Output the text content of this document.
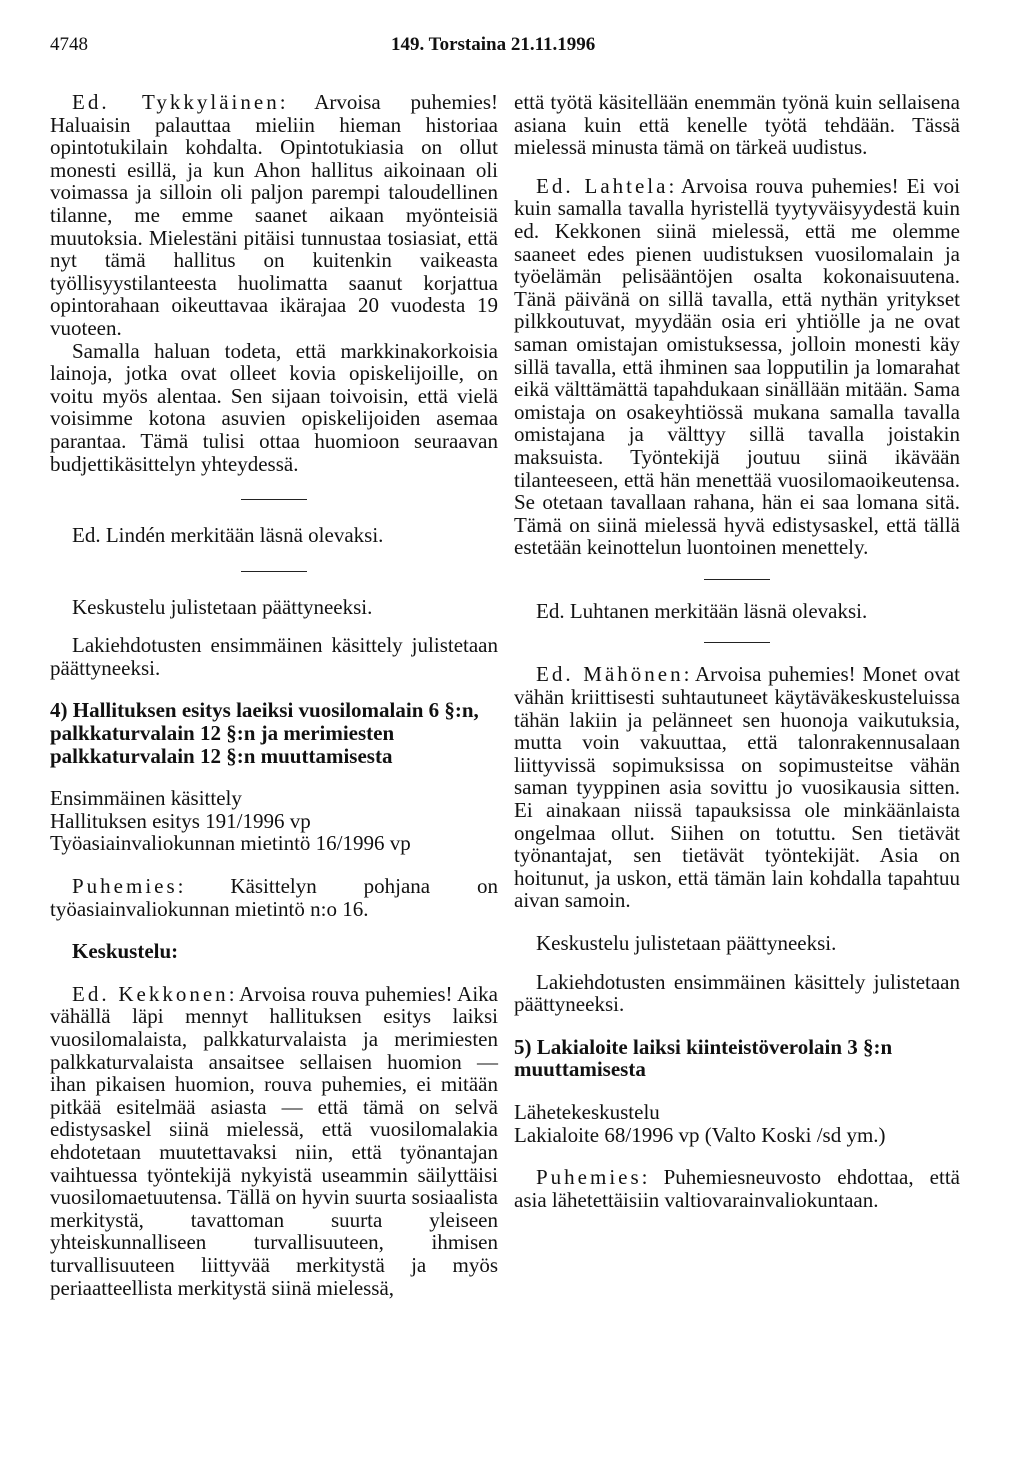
4748	149. Torstaina 21.11.1996

Ed. Tykkyläinen: Arvoisa puhemies! Haluaisin palauttaa mieliin hieman historiaa opintotukilain kohdalta. Opintotukiasia on ollut monesti esillä, ja kun Ahon hallitus aikoinaan oli voimassa ja silloin oli paljon parempi taloudellinen tilanne, me emme saanet aikaan myönteisiä muutoksia. Mielestäni pitäisi tunnustaa tosiasiat, että nyt tämä hallitus on kuitenkin vaikeasta työllisyystilanteesta huolimatta saanut korjattua opintorahaan oikeuttavaa ikärajaa 20 vuodesta 19 vuoteen.

Samalla haluan todeta, että markkinakorkoisia lainoja, jotka ovat olleet kovia opiskelijoille, on voitu myös alentaa. Sen sijaan toivoisin, että vielä voisimme kotona asuvien opiskelijoiden asemaa parantaa. Tämä tulisi ottaa huomioon seuraavan budjettikäsittelyn yhteydessä.

Ed. Lindén merkitään läsnä olevaksi.

Keskustelu julistetaan päättyneeksi.

Lakiehdotusten ensimmäinen käsittely julistetaan päättyneeksi.

4) Hallituksen esitys laeiksi vuosilomalain 6 §:n, palkkaturvalain 12 §:n ja merimiesten palkkaturvalain 12 §:n muuttamisesta

Ensimmäinen käsittely

Hallituksen esitys 191/1996 vp

Työasiainvaliokunnan mietintö 16/1996 vp

Puhemies: Käsittelyn pohjana on työasiainvaliokunnan mietintö n:o 16.

Keskustelu:

Ed. Kekkonen: Arvoisa rouva puhemies! Aika vähällä läpi mennyt hallituksen esitys laiksi vuosilomalaista, palkkaturvalaista ja merimiesten palkkaturvalaista ansaitsee sellaisen huomion — ihan pikaisen huomion, rouva puhemies, ei mitään pitkää esitelmää asiasta — että tämä on selvä edistysaskel siinä mielessä, että vuosilomalakia ehdotetaan muutettavaksi niin, että työnantajan vaihtuessa työntekijä nykyistä useammin säilyttäisi vuosilomaetuutensa. Tällä on hyvin suurta sosiaalista merkitystä, tavattoman suurta yleiseen yhteiskunnalliseen turvallisuuteen, ihmisen turvallisuuteen liittyvää merkitystä ja myös periaatteellista merkitystä siinä mielessä,

että työtä käsitellään enemmän työnä kuin sellaisena asiana kuin että kenelle työtä tehdään. Tässä mielessä minusta tämä on tärkeä uudistus.

Ed. Lahtela: Arvoisa rouva puhemies! Ei voi kuin samalla tavalla hyristellä tyytyväisyydestä kuin ed. Kekkonen siinä mielessä, että me olemme saaneet edes pienen uudistuksen vuosilomalain ja työelämän pelisääntöjen osalta kokonaisuutena. Tänä päivänä on sillä tavalla, että nythän yritykset pilkkoutuvat, myydään osia eri yhtiölle ja ne ovat saman omistajan omistuksessa, jolloin monesti käy sillä tavalla, että ihminen saa lopputilin ja lomarahat eikä välttämättä tapahdukaan sinällään mitään. Sama omistaja on osakeyhtiössä mukana samalla tavalla omistajana ja välttyy sillä tavalla joistakin maksuista. Työntekijä joutuu siinä ikävään tilanteeseen, että hän menettää vuosilomaoikeutensa. Se otetaan tavallaan rahana, hän ei saa lomana sitä. Tämä on siinä mielessä hyvä edistysaskel, että tällä estetään keinottelun luontoinen menettely.

Ed. Luhtanen merkitään läsnä olevaksi.

Ed. Mähönen: Arvoisa puhemies! Monet ovat vähän kriittisesti suhtautuneet käytäväkeskusteluissa tähän lakiin ja pelänneet sen huonoja vaikutuksia, mutta voin vakuuttaa, että talonrakennusalaan liittyvissä sopimuksissa on sopimusteitse vähän saman tyyppinen asia sovittu jo vuosikausia sitten. Ei ainakaan niissä tapauksissa ole minkäänlaista ongelmaa ollut. Siihen on totuttu. Sen tietävät työnantajat, sen tietävät työntekijät. Asia on hoitunut, ja uskon, että tämän lain kohdalla tapahtuu aivan samoin.

Keskustelu julistetaan päättyneeksi.

Lakiehdotusten ensimmäinen käsittely julistetaan päättyneeksi.

5) Lakialoite laiksi kiinteistöverolain 3 §:n muuttamisesta

Lähetekeskustelu

Lakialoite 68/1996 vp (Valto Koski /sd ym.)

Puhemies: Puhemiesneuvosto ehdottaa, että asia lähetettäisiin valtiovarainvaliokuntaan.
